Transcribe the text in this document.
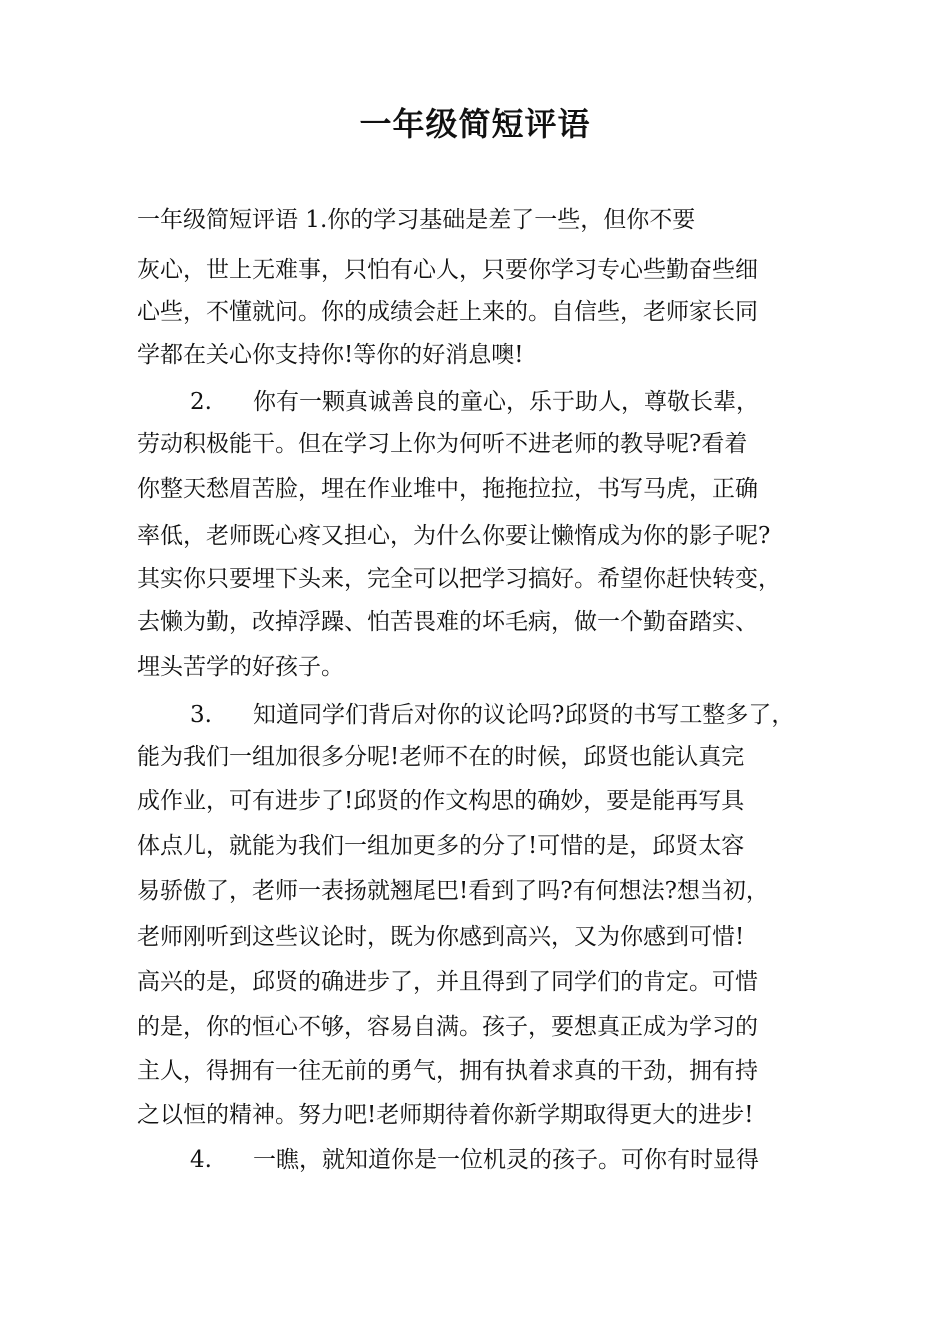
一年级简短评语
一年级简短评语 1.你的学习基础是差了一些，但你不要
灰心，世上无难事，只怕有心人，只要你学习专心些勤奋些细
心些，不懂就问。你的成绩会赶上来的。自信些，老师家长同
学都在关心你支持你!等你的好消息噢!
2. 你有一颗真诚善良的童心，乐于助人，尊敬长辈，
劳动积极能干。但在学习上你为何听不进老师的教导呢?看着
你整天愁眉苦脸，埋在作业堆中，拖拖拉拉，书写马虎，正确
率低，老师既心疼又担心，为什么你要让懒惰成为你的影子呢?
其实你只要埋下头来，完全可以把学习搞好。希望你赶快转变，
去懒为勤，改掉浮躁、怕苦畏难的坏毛病，做一个勤奋踏实、
埋头苦学的好孩子。
3. 知道同学们背后对你的议论吗?邱贤的书写工整多了，
能为我们一组加很多分呢!老师不在的时候，邱贤也能认真完
成作业，可有进步了!邱贤的作文构思的确妙，要是能再写具
体点儿，就能为我们一组加更多的分了!可惜的是，邱贤太容
易骄傲了，老师一表扬就翘尾巴!看到了吗?有何想法?想当初，
老师刚听到这些议论时，既为你感到高兴，又为你感到可惜!
高兴的是，邱贤的确进步了，并且得到了同学们的肯定。可惜
的是，你的恒心不够，容易自满。孩子，要想真正成为学习的
主人，得拥有一往无前的勇气，拥有执着求真的干劲，拥有持
之以恒的精神。努力吧!老师期待着你新学期取得更大的进步!
4. 一瞧，就知道你是一位机灵的孩子。可你有时显得
